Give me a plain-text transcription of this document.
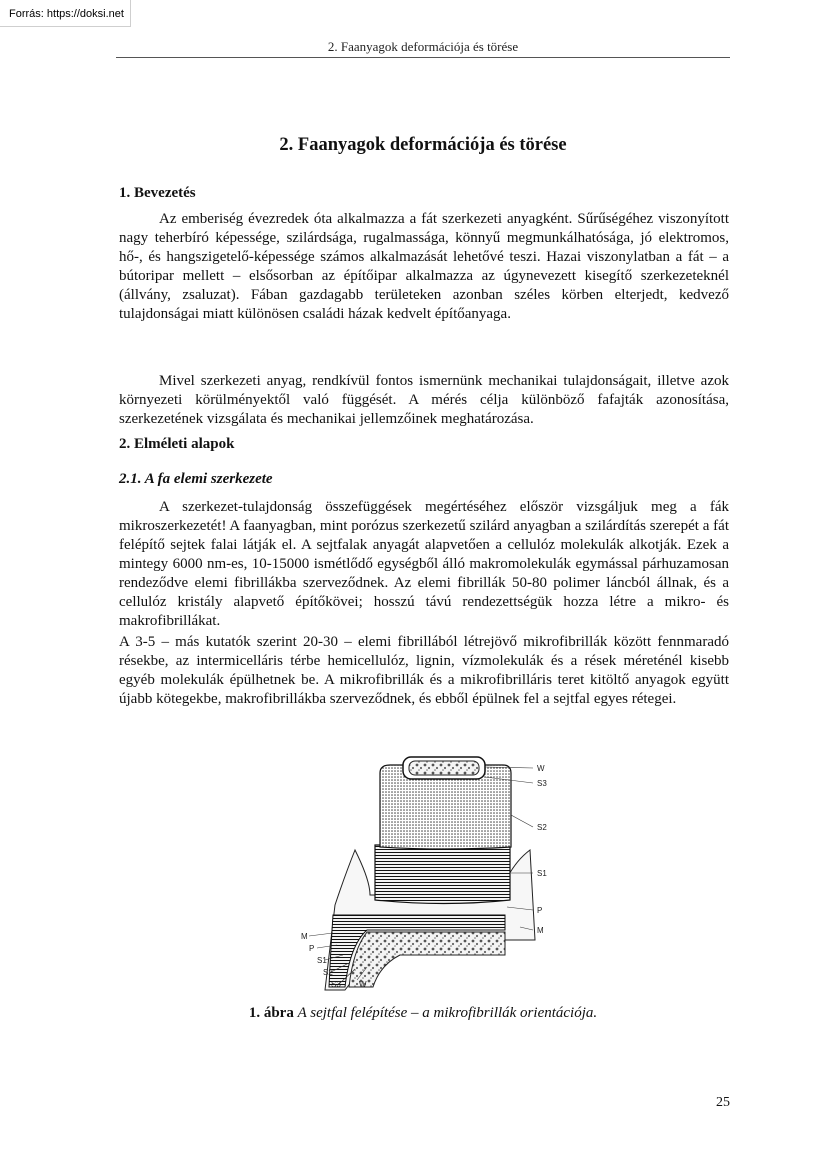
Forrás: https://doksi.net
2. Faanyagok deformációja és törése
2. Faanyagok deformációja és törése
1. Bevezetés

Az emberiség évezredek óta alkalmazza a fát szerkezeti anyagként. Sűrűségéhez viszonyított nagy teherbíró képessége, szilárdsága, rugalmassága, könnyű megmunkálhatósága, jó elektromos, hő-, és hangszigetelő-képessége számos alkalmazását lehetővé teszi. Hazai viszonylatban a fát – a bútoripar mellett – elsősorban az építőipar alkalmazza az úgynevezett kisegítő szerkezeteknél (állvány, zsaluzat). Fában gazdagabb területeken azonban széles körben elterjedt, kedvező tulajdonságai miatt különösen családi házak kedvelt építőanyaga.

Mivel szerkezeti anyag, rendkívül fontos ismernünk mechanikai tulajdonságait, illetve azok környezeti körülményektől való függését. A mérés célja különböző fafajták azonosítása, szerkezetének vizsgálata és mechanikai jellemzőinek meghatározása.

2. Elméleti alapok
2.1. A fa elemi szerkezete

A szerkezet-tulajdonság összefüggések megértéséhez először vizsgáljuk meg a fák mikroszerkezetét! A faanyagban, mint porózus szerkezetű szilárd anyagban a szilárdítás szerepét a fát felépítő sejtek falai látják el. A sejtfalak anyagát alapvetően a cellulóz molekulák alkotják. Ezek a mintegy 6000 nm-es, 10-15000 ismétlődő egységből álló makromolekulák egymással párhuzamosan rendeződve elemi fibrillákba szerveződnek. Az elemi fibrillák 50-80 polimer láncból állnak, és a cellulóz kristály alapvető építőkövei; hosszú távú rendezettségük hozza létre a mikro- és makrofibrillákat.

A 3-5 – más kutatók szerint 20-30 – elemi fibrillából létrejövő mikrofibrillák között fennmaradó résekbe, az intermicelláris térbe hemicellulóz, lignin, vízmolekulák és a rések méreténél kisebb egyéb molekulák épülhetnek be. A mikrofibrillák és a mikrofibrilláris teret kitöltő anyagok együtt újabb kötegekbe, makrofibrillákba szerveződnek, és ebből épülnek fel a sejtfal egyes rétegei.

W
S3
S2
S1
P
M
M
P
S1
S2
S3 W

1. ábra A sejtfal felépítése – a mikrofibrillák orientációja.

25
